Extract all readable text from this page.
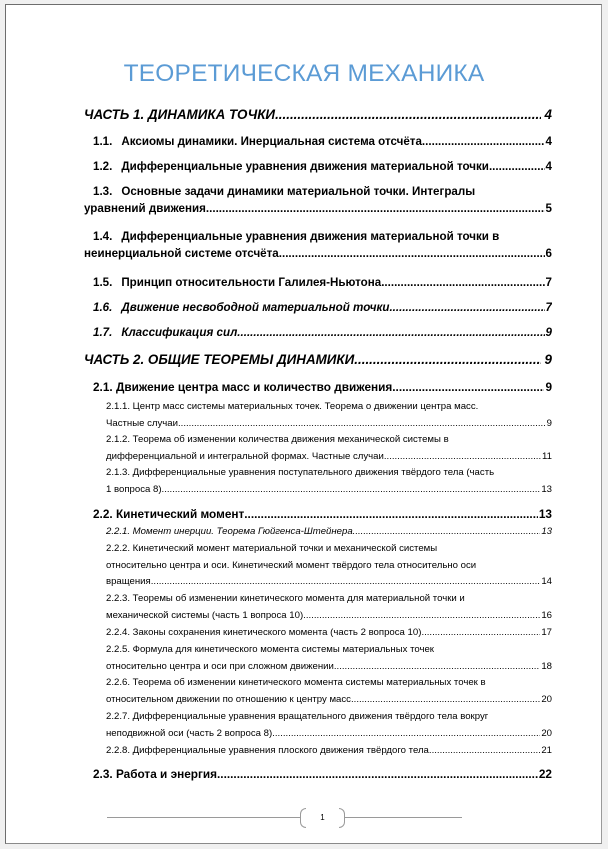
ТЕОРЕТИЧЕСКАЯ МЕХАНИКА
ЧАСТЬ 1. ДИНАМИКА ТОЧКИ .....	4
1.1. Аксиомы динамики. Инерциальная система отсчёта. .....	4
1.2. Дифференциальные уравнения движения материальной точки .....	4
1.3. Основные задачи динамики материальной точки. Интегралы
уравнений движения .....	5
1.4. Дифференциальные уравнения движения материальной точки в
неинерциальной системе отсчёта .....	6
1.5. Принцип относительности Галилея-Ньютона .....	7
1.6. Движение несвободной материальной точки .....	7
1.7. Классификация сил .....	9
ЧАСТЬ 2. ОБЩИЕ ТЕОРЕМЫ ДИНАМИКИ .....	9
2.1. Движение центра масс и количество движения .....	9
2.1.1. Центр масс системы материальных точек. Теорема о движении центра масс.
Частные случаи .....	9
2.1.2. Теорема об изменении количества движения механической системы в
дифференциальной и интегральной формах. Частные случаи .....	11
2.1.3. Дифференциальные уравнения поступательного движения твёрдого тела (часть
1 вопроса 8) .....	13
2.2. Кинетический момент .....	13
2.2.1. Момент инерции. Теорема Гюйгенса-Штейнера .....	13
2.2.2. Кинетический момент материальной точки и механической системы
относительно центра и оси. Кинетический момент твёрдого тела относительно оси
вращения. .....	14
2.2.3. Теоремы об изменении кинетического момента для материальной точки и
механической системы (часть 1 вопроса 10) .....	16
2.2.4. Законы сохранения кинетического момента (часть 2 вопроса 10) .....	17
2.2.5. Формула для кинетического момента системы материальных точек
относительно центра и оси при сложном движении .....	18
2.2.6. Теорема об изменении кинетического момента системы материальных точек в
относительном движении по отношению к центру масс .....	20
2.2.7. Дифференциальные уравнения вращательного движения твёрдого тела вокруг
неподвижной оси (часть 2 вопроса 8) .....	20
2.2.8. Дифференциальные уравнения плоского движения твёрдого тела .....	21
2.3. Работа и энергия .....	22
1
